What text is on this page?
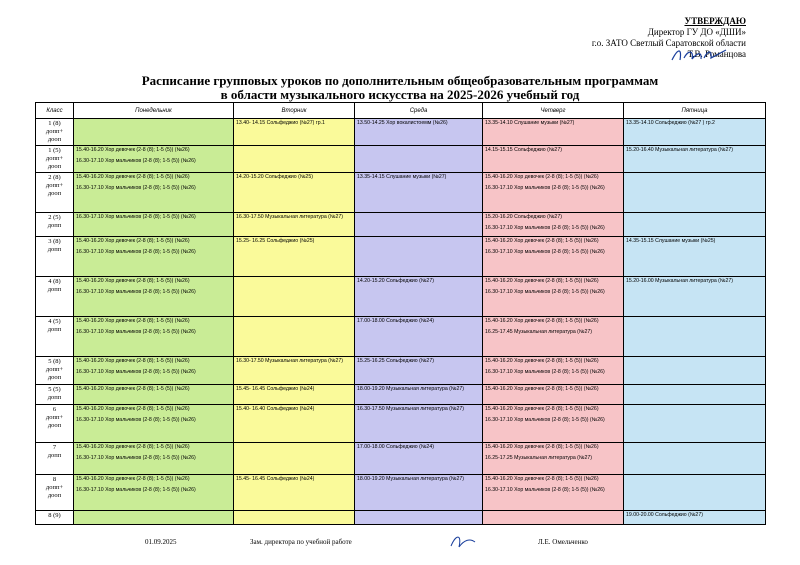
УТВЕРЖДАЮ
Директор ГУ ДО «ДШИ»
г.о. ЗАТО Светлый Саратовской области
Т.В. Романцова
Расписание групповых уроков по дополнительным общеобразовательным программам
в области музыкального искусства на 2025-2026 учебный год
Класс	Понедельник	Вторник	Среда	Четверг	Пятница
1 (8)
допп+
дооп		13.40- 14.15 Сольфеджио (№27) гр.1	13.50-14.25 Хор вокалистоемм (№26)	13.35-14.10 Слушание музыки (№27)	13.35-14.10 Сольфеджио (№27 ) гр.2

1 (5)
допп+
дооп	15.40-16.20 Хор девочек (2-8 (8); 1-5 (5)) (№26)
16.30-17.10 Хор мальчиков (2-8 (8); 1-5 (5)) (№26)			14.15-15.15 Сольфеджио (№27)	15.20-16.40 Музыкальная литература (№27)

2 (8)
допп+
дооп	15.40-16.20 Хор девочек (2-8 (8); 1-5 (5)) (№26)
16.30-17.10 Хор мальчиков (2-8 (8); 1-5 (5)) (№26)	14.20-15.20 Сольфеджио (№25)	13.35-14.15 Слушание музыки (№27)	15.40-16.20 Хор девочек (2-8 (8); 1-5 (5)) (№26)
16.30-17.10 Хор мальчиков (2-8 (8); 1-5 (5)) (№26)	

2 (5)
допп	16.30-17.10 Хор мальчиков (2-8 (8); 1-5 (5)) (№26)	16.30-17.50 Музыкальная литература (№27)		15.20-16.20 Сольфеджио (№27)
16.30-17.10 Хор мальчиков (2-8 (8); 1-5 (5)) (№26)	

3 (8)
допп	15.40-16.20 Хор девочек (2-8 (8); 1-5 (5)) (№26)
16.30-17.10 Хор мальчиков (2-8 (8); 1-5 (5)) (№26)	15.25- 16.25 Сольфеджио (№25)		15.40-16.20 Хор девочек (2-8 (8); 1-5 (5)) (№26)
16.30-17.10 Хор мальчиков (2-8 (8); 1-5 (5)) (№26)	14.35-15.15 Слушание музыки (№25)

4 (8)
допп	15.40-16.20 Хор девочек (2-8 (8); 1-5 (5)) (№26)
16.30-17.10 Хор мальчиков (2-8 (8); 1-5 (5)) (№26)		14.20-15.20 Сольфеджио (№27)	15.40-16.20 Хор девочек (2-8 (8); 1-5 (5)) (№26)
16.30-17.10 Хор мальчиков (2-8 (8); 1-5 (5)) (№26)	15.20-16.00 Музыкальная литература (№27)

4 (5)
допп	15.40-16.20 Хор девочек (2-8 (8); 1-5 (5)) (№26)
16.30-17.10 Хор мальчиков (2-8 (8); 1-5 (5)) (№26)		17.00-18.00 Сольфеджио (№24)	15.40-16.20 Хор девочек (2-8 (8); 1-5 (5)) (№26)
16.25-17.45 Музыкальная литература (№27)	

5 (8)
допп+
дооп	15.40-16.20 Хор девочек (2-8 (8); 1-5 (5)) (№26)
16.30-17.10 Хор мальчиков (2-8 (8); 1-5 (5)) (№26)	16.30-17.50 Музыкальная литература (№27)	15.25-16.25 Сольфеджио (№27)	15.40-16.20 Хор девочек (2-8 (8); 1-5 (5)) (№26)
16.30-17.10 Хор мальчиков (2-8 (8); 1-5 (5)) (№26)	

5 (5)
допп	15.40-16.20 Хор девочек (2-8 (8); 1-5 (5)) (№26)	15.45- 16.45 Сольфеджио (№24)	18.00-19.20 Музыкальная литература (№27)	15.40-16.20 Хор девочек (2-8 (8); 1-5 (5)) (№26)	

6
допп+
дооп	15.40-16.20 Хор девочек (2-8 (8); 1-5 (5)) (№26)
16.30-17.10 Хор мальчиков (2-8 (8); 1-5 (5)) (№26)	15.40- 16.40 Сольфеджио (№24)	16.30-17.50 Музыкальная литература (№27)	15.40-16.20 Хор девочек (2-8 (8); 1-5 (5)) (№26)
16.30-17.10 Хор мальчиков (2-8 (8); 1-5 (5)) (№26)	

7
допп	15.40-16.20 Хор девочек (2-8 (8); 1-5 (5)) (№26)
16.30-17.10 Хор мальчиков (2-8 (8); 1-5 (5)) (№26)		17.00-18.00 Сольфеджио (№24)	15.40-16.20 Хор девочек (2-8 (8); 1-5 (5)) (№26)
16.25-17.25 Музыкальная литература (№27)	

8
допп+
дооп	15.40-16.20 Хор девочек (2-8 (8); 1-5 (5)) (№26)
16.30-17.10 Хор мальчиков (2-8 (8); 1-5 (5)) (№26)	15.45- 16.45 Сольфеджио (№24)	18.00-19.20 Музыкальная литература (№27)	15.40-16.20 Хор девочек (2-8 (8); 1-5 (5)) (№26)
16.30-17.10 Хор мальчиков (2-8 (8); 1-5 (5)) (№26)	

8 (9)					19.00-20.00 Сольфеджио (№27)
01.09.2025	Зам. директора по учебной работе	Л.Е. Омельченко
